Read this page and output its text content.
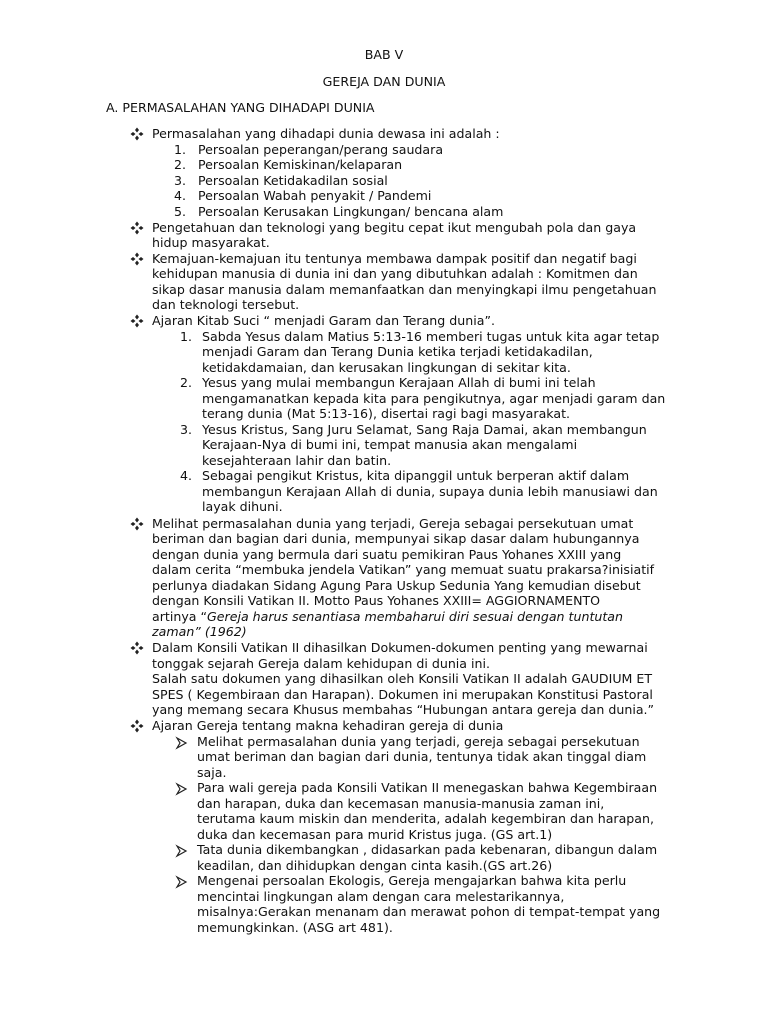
BAB V
GEREJA DAN DUNIA
A. PERMASALAHAN YANG DIHADAPI DUNIA
Permasalahan yang dihadapi dunia dewasa ini adalah :
1. Persoalan peperangan/perang saudara
2. Persoalan Kemiskinan/kelaparan
3. Persoalan Ketidakadilan sosial
4. Persoalan Wabah penyakit / Pandemi
5. Persoalan Kerusakan Lingkungan/ bencana alam
Pengetahuan dan teknologi yang begitu cepat ikut mengubah pola dan gaya
hidup masyarakat.
Kemajuan-kemajuan itu tentunya membawa dampak positif dan negatif bagi
kehidupan manusia di dunia ini dan yang dibutuhkan adalah : Komitmen dan
sikap dasar manusia dalam memanfaatkan dan menyingkapi ilmu pengetahuan
dan teknologi tersebut.
Ajaran Kitab Suci “ menjadi Garam dan Terang dunia”.
1. Sabda Yesus dalam Matius 5:13-16 memberi tugas untuk kita agar tetap
menjadi Garam dan Terang Dunia ketika terjadi ketidakadilan,
ketidakdamaian, dan kerusakan lingkungan di sekitar kita.
2. Yesus yang mulai membangun Kerajaan Allah di bumi ini telah
mengamanatkan kepada kita para pengikutnya, agar menjadi garam dan
terang dunia (Mat 5:13-16), disertai ragi bagi masyarakat.
3. Yesus Kristus, Sang Juru Selamat, Sang Raja Damai, akan membangun
Kerajaan-Nya di bumi ini, tempat manusia akan mengalami
kesejahteraan lahir dan batin.
4. Sebagai pengikut Kristus, kita dipanggil untuk berperan aktif dalam
membangun Kerajaan Allah di dunia, supaya dunia lebih manusiawi dan
layak dihuni.
Melihat permasalahan dunia yang terjadi, Gereja sebagai persekutuan umat
beriman dan bagian dari dunia, mempunyai sikap dasar dalam hubungannya
dengan dunia yang bermula dari suatu pemikiran Paus Yohanes XXIII yang
dalam cerita “membuka jendela Vatikan” yang memuat suatu prakarsa?inisiatif
perlunya diadakan Sidang Agung Para Uskup Sedunia Yang kemudian disebut
dengan Konsili Vatikan II. Motto Paus Yohanes XXIII= AGGIORNAMENTO
artinya “Gereja harus senantiasa membaharui diri sesuai dengan tuntutan
zaman” (1962)
Dalam Konsili Vatikan II dihasilkan Dokumen-dokumen penting yang mewarnai
tonggak sejarah Gereja dalam kehidupan di dunia ini.
Salah satu dokumen yang dihasilkan oleh Konsili Vatikan II adalah GAUDIUM ET
SPES ( Kegembiraan dan Harapan). Dokumen ini merupakan Konstitusi Pastoral
yang memang secara Khusus membahas “Hubungan antara gereja dan dunia.”
Ajaran Gereja tentang makna kehadiran gereja di dunia
Melihat permasalahan dunia yang terjadi, gereja sebagai persekutuan
umat beriman dan bagian dari dunia, tentunya tidak akan tinggal diam
saja.
Para wali gereja pada Konsili Vatikan II menegaskan bahwa Kegembiraan
dan harapan, duka dan kecemasan manusia-manusia zaman ini,
terutama kaum miskin dan menderita, adalah kegembiran dan harapan,
duka dan kecemasan para murid Kristus juga. (GS art.1)
Tata dunia dikembangkan , didasarkan pada kebenaran, dibangun dalam
keadilan, dan dihidupkan dengan cinta kasih.(GS art.26)
Mengenai persoalan Ekologis, Gereja mengajarkan bahwa kita perlu
mencintai lingkungan alam dengan cara melestarikannya,
misalnya:Gerakan menanam dan merawat pohon di tempat-tempat yang
memungkinkan. (ASG art 481).
